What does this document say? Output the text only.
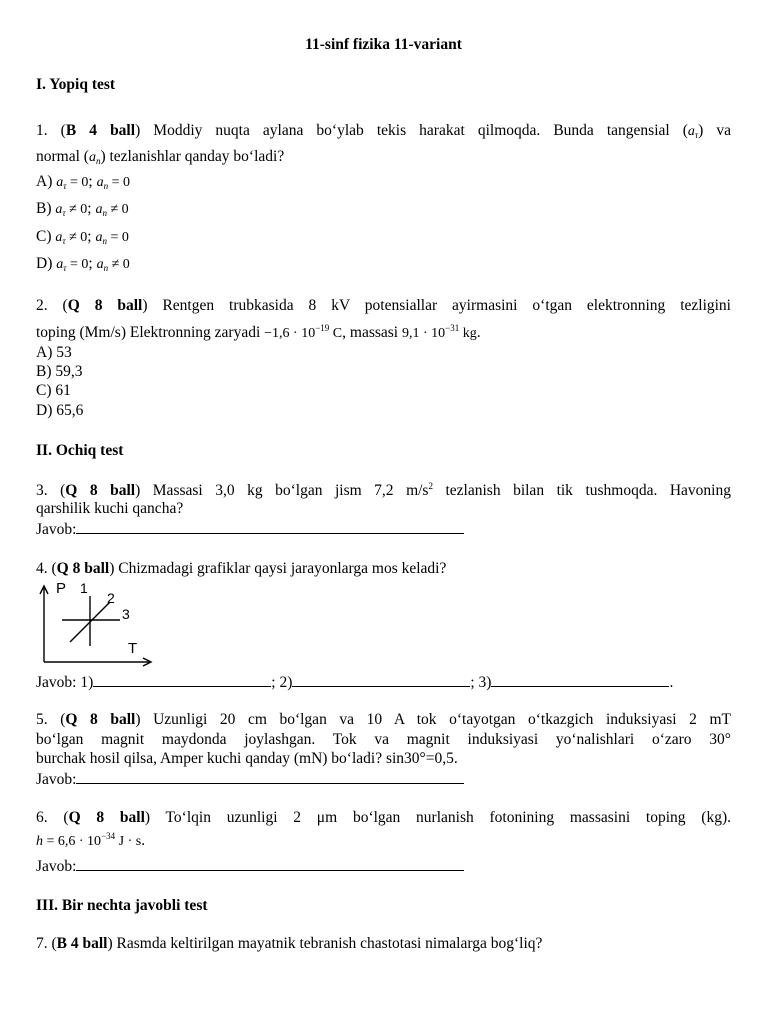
11-sinf fizika 11-variant
I. Yopiq test
1. (B 4 ball) Moddiy nuqta aylana bo‘ylab tekis harakat qilmoqda. Bunda tangensial $(a_\tau)$ va
normal $(a_n)$ tezlanishlar qanday bo‘ladi?
A) $a_\tau = 0$; $a_n = 0$
B) $a_\tau \ne 0$; $a_n \ne 0$
C) $a_\tau \ne 0$; $a_n = 0$
D) $a_\tau = 0$; $a_n \ne 0$
2. (Q 8 ball) Rentgen trubkasida 8 kV potensiallar ayirmasini o‘tgan elektronning tezligini
toping (Mm/s) Elektronning zaryadi $-1,6 \cdot 10^{-19}$ C, massasi $9,1 \cdot 10^{-31}$ kg.
A) 53
B) 59,3
C) 61
D) 65,6
II. Ochiq test
3. (Q 8 ball) Massasi 3,0 kg bo‘lgan jism 7,2 $m/s^2$ tezlanish bilan tik tushmoqda. Havoning
qarshilik kuchi qancha?
Javob:
4. (Q 8 ball) Chizmadagi grafiklar qaysi jarayonlarga mos keladi?
P 1
2
3
T
Javob: 1)	; 2)	; 3)	.
5. (Q 8 ball) Uzunligi 20 cm bo‘lgan va 10 A tok o‘tayotgan o‘tkazgich induksiyasi 2 mT
bo‘lgan magnit maydonda joylashgan. Tok va magnit induksiyasi yo‘nalishlari o‘zaro 30°
burchak hosil qilsa, Amper kuchi qanday (mN) bo‘ladi? sin30°=0,5.
Javob:
6. (Q 8 ball) To‘lqin uzunligi 2 μm bo‘lgan nurlanish fotonining massasini toping (kg).
$h = 6,6 \cdot 10^{-34}$ J · s.
Javob:
III. Bir nechta javobli test
7. (B 4 ball) Rasmda keltirilgan mayatnik tebranish chastotasi nimalarga bog‘liq?
